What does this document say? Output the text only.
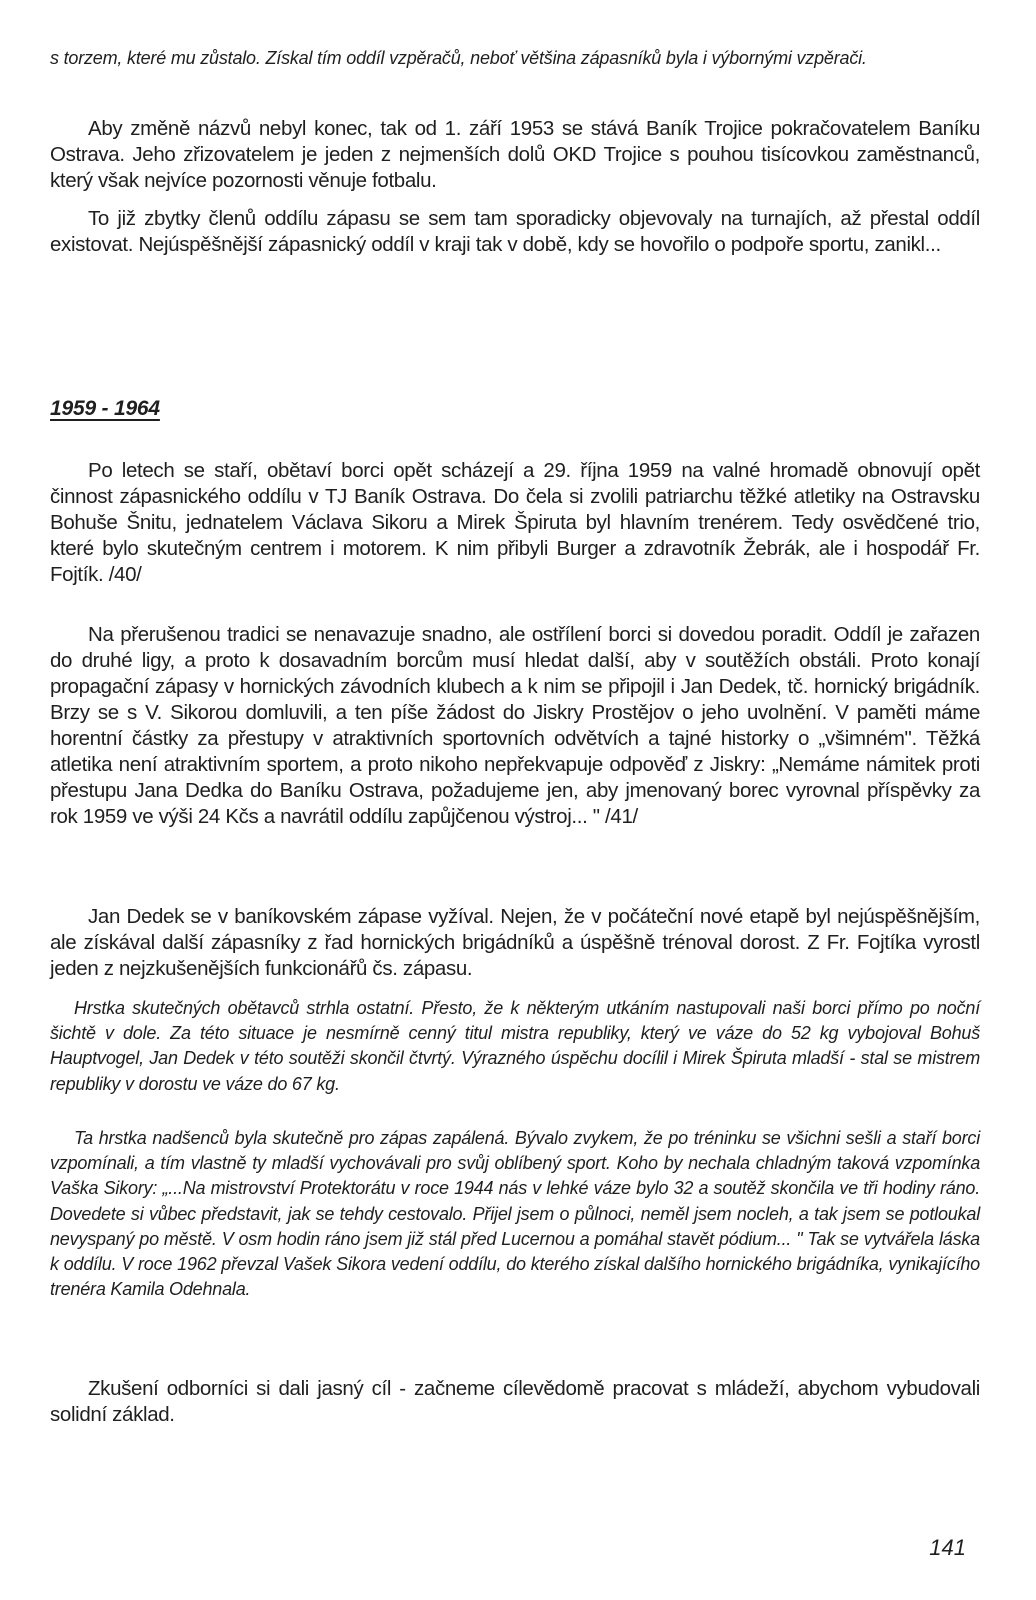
s torzem, které mu zůstalo. Získal tím oddíl vzpěračů, neboť většina zápasníků byla i výbornými vzpěrači.

Aby změně názvů nebyl konec, tak od 1. září 1953 se stává Baník Trojice pokračovatelem Baníku Ostrava. Jeho zřizovatelem je jeden z nejmenších dolů OKD Trojice s pouhou tisícovkou zaměstnanců, který však nejvíce pozornosti věnuje fotbalu.

To již zbytky členů oddílu zápasu se sem tam sporadicky objevovaly na turnajích, až přestal oddíl existovat. Nejúspěšnější zápasnický oddíl v kraji tak v době, kdy se hovořilo o podpoře sportu, zanikl...

1959 - 1964

Po letech se staří, obětaví borci opět scházejí a 29. října 1959 na valné hromadě obnovují opět činnost zápasnického oddílu v TJ Baník Ostrava. Do čela si zvolili patriarchu těžké atletiky na Ostravsku Bohuše Šnitu, jednatelem Václava Sikoru a Mirek Špiruta byl hlavním trenérem. Tedy osvědčené trio, které bylo skutečným centrem i motorem. K nim přibyli Burger a zdravotník Žebrák, ale i hospodář Fr. Fojtík. /40/

Na přerušenou tradici se nenavazuje snadno, ale ostřílení borci si dovedou poradit. Oddíl je zařazen do druhé ligy, a proto k dosavadním borcům musí hledat další, aby v soutěžích obstáli. Proto konají propagační zápasy v hornických závodních klubech a k nim se připojil i Jan Dedek, tč. hornický brigádník. Brzy se s V. Sikorou domluvili, a ten píše žádost do Jiskry Prostějov o jeho uvolnění. V paměti máme horentní částky za přestupy v atraktivních sportovních odvětvích a tajné historky o „všimném". Těžká atletika není atraktivním sportem, a proto nikoho nepřekvapuje odpověď z Jiskry: „Nemáme námitek proti přestupu Jana Dedka do Baníku Ostrava, požadujeme jen, aby jmenovaný borec vyrovnal příspěvky za rok 1959 ve výši 24 Kčs a navrátil oddílu zapůjčenou výstroj... " /41/

Jan Dedek se v baníkovském zápase vyžíval. Nejen, že v počáteční nové etapě byl nejúspěšnějším, ale získával další zápasníky z řad hornických brigádníků a úspěšně trénoval dorost. Z Fr. Fojtíka vyrostl jeden z nejzkušenějších funkcionářů čs. zápasu.

Hrstka skutečných obětavců strhla ostatní. Přesto, že k některým utkáním nastupovali naši borci přímo po noční šichtě v dole. Za této situace je nesmírně cenný titul mistra republiky, který ve váze do 52 kg vybojoval Bohuš Hauptvogel, Jan Dedek v této soutěži skončil čtvrtý. Výrazného úspěchu docílil i Mirek Špiruta mladší - stal se mistrem republiky v dorostu ve váze do 67 kg.

Ta hrstka nadšenců byla skutečně pro zápas zapálená. Bývalo zvykem, že po tréninku se všichni sešli a staří borci vzpomínali, a tím vlastně ty mladší vychovávali pro svůj oblíbený sport. Koho by nechala chladným taková vzpomínka Vaška Sikory: „...Na mistrovství Protektorátu v roce 1944 nás v lehké váze bylo 32 a soutěž skončila ve tři hodiny ráno. Dovedete si vůbec představit, jak se tehdy cestovalo. Přijel jsem o půlnoci, neměl jsem nocleh, a tak jsem se potloukal nevyspaný po městě. V osm hodin ráno jsem již stál před Lucernou a pomáhal stavět pódium... " Tak se vytvářela láska k oddílu. V roce 1962 převzal Vašek Sikora vedení oddílu, do kterého získal dalšího hornického brigádníka, vynikajícího trenéra Kamila Odehnala.

Zkušení odborníci si dali jasný cíl - začneme cílevědomě pracovat s mládeží, abychom vybudovali solidní základ.

141
